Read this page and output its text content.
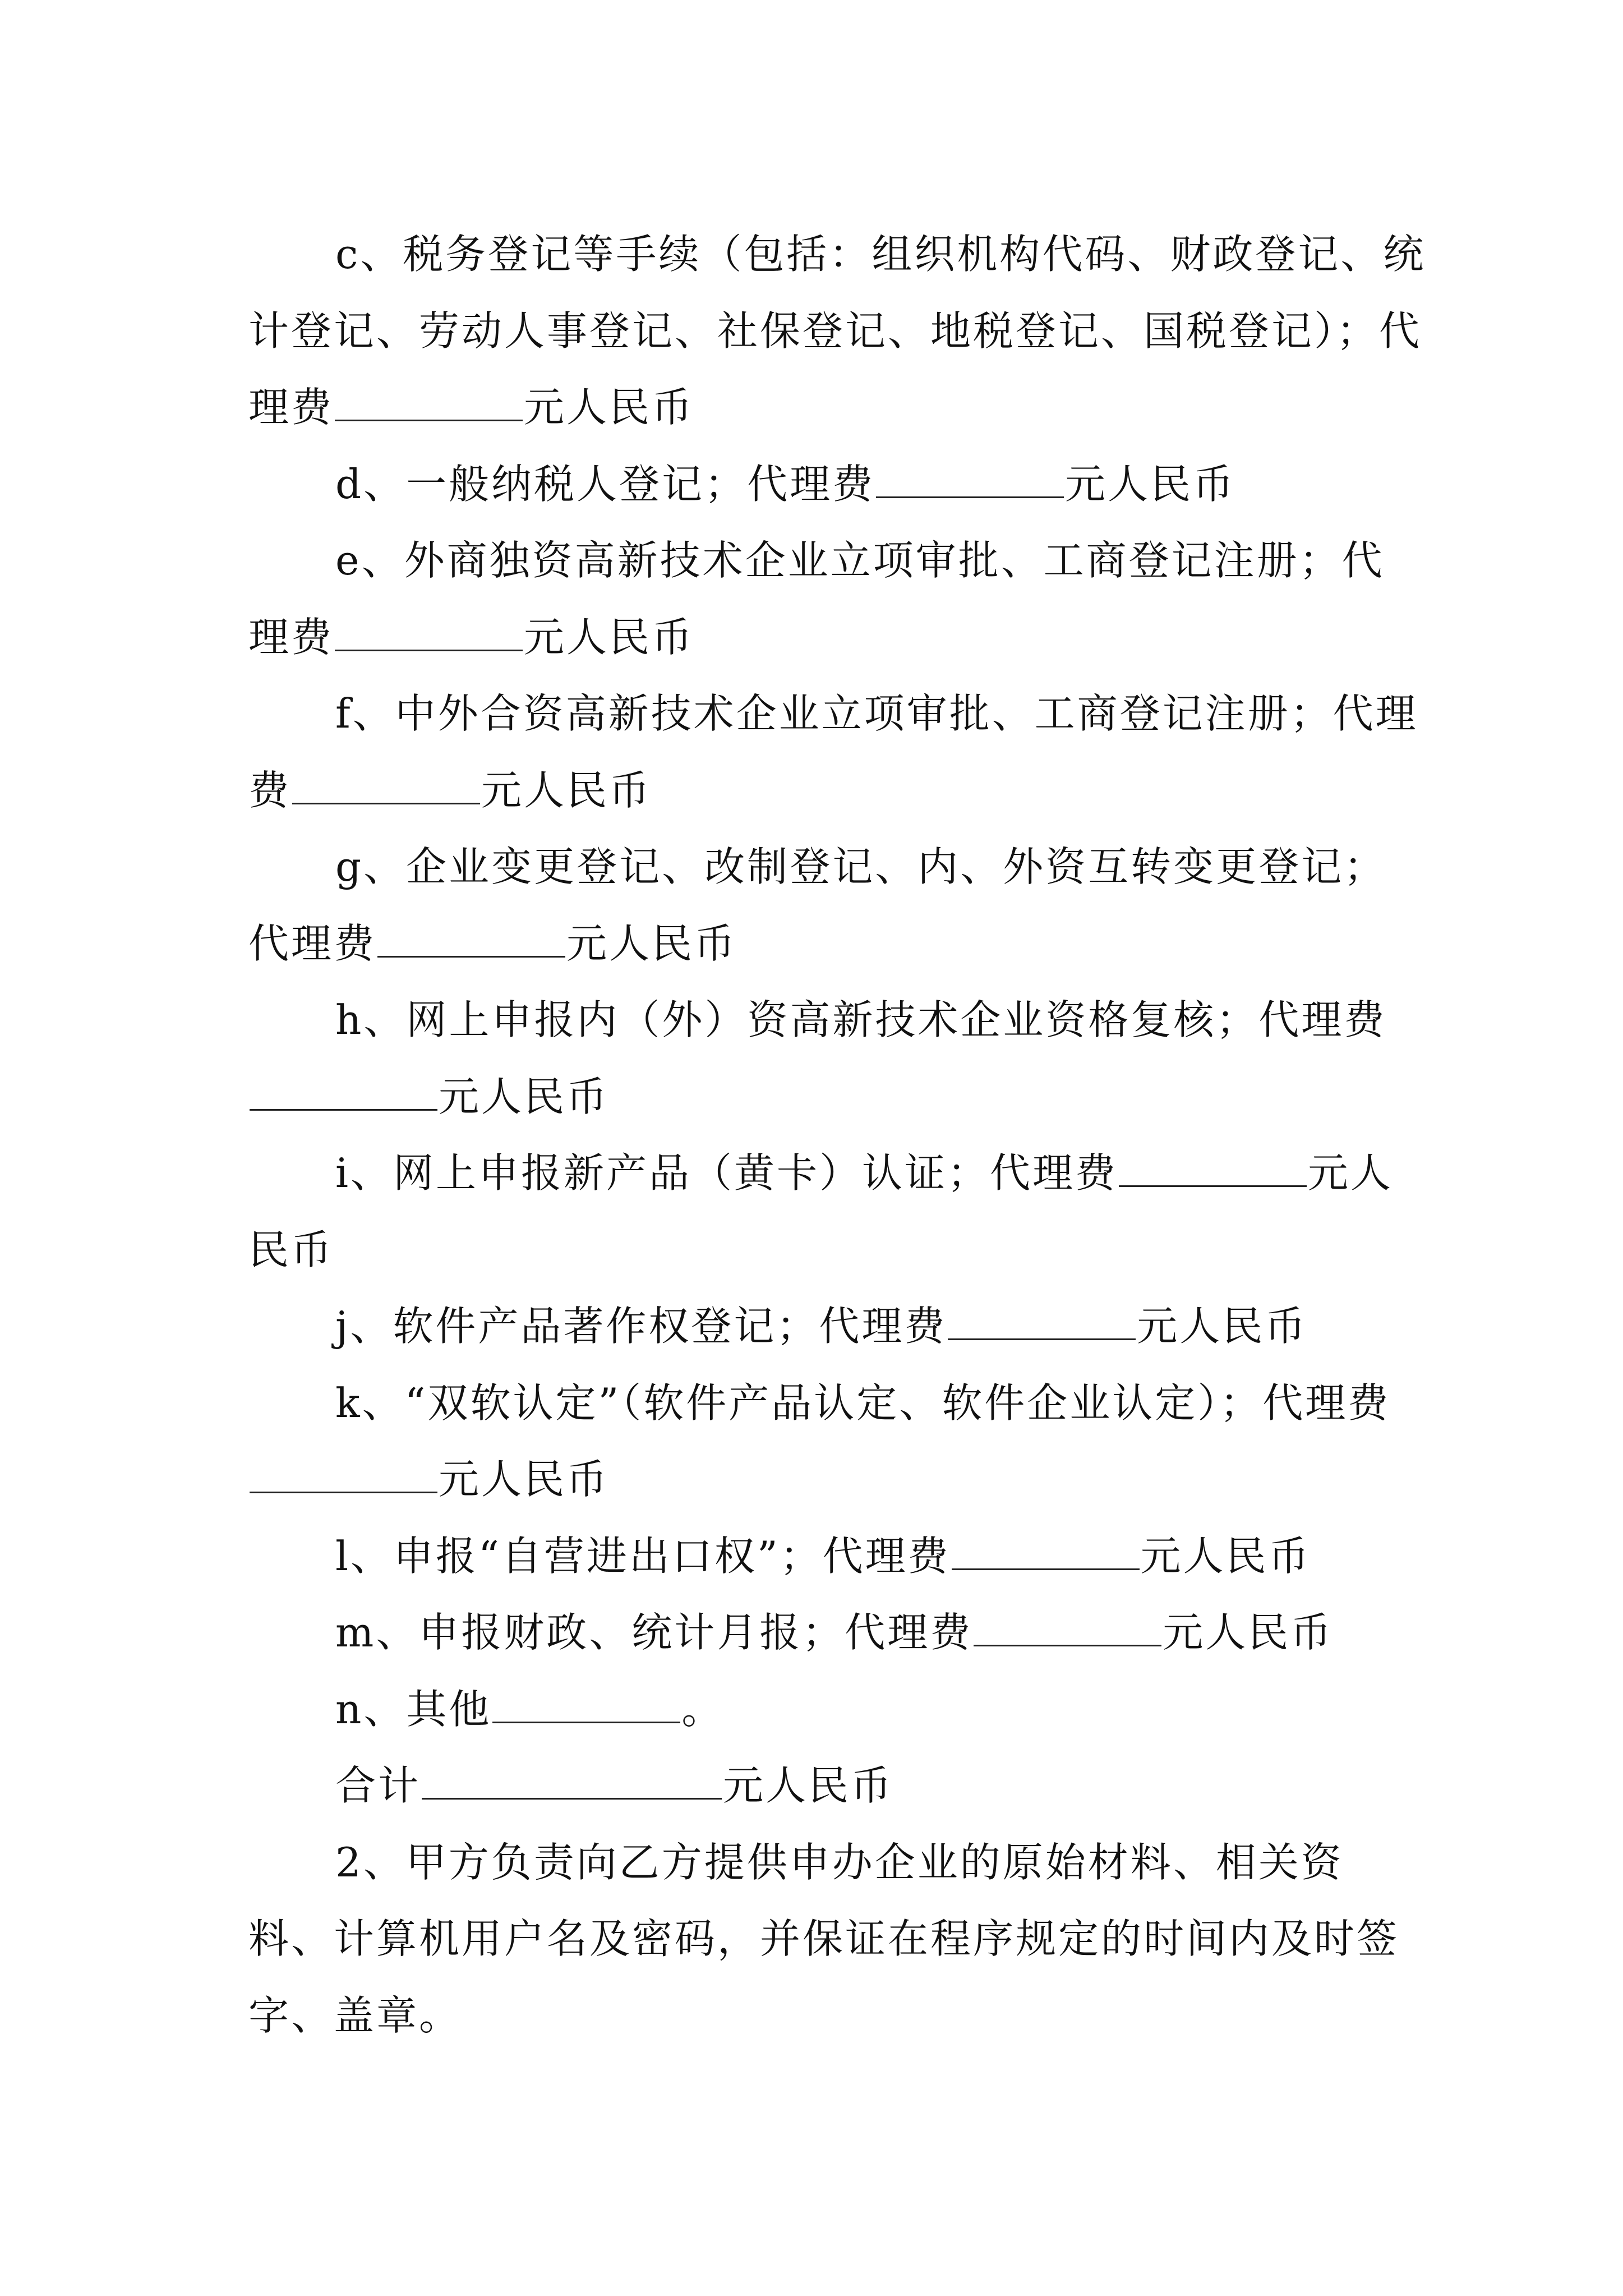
c、税务登记等手续（包括：组织机构代码、财政登记、统计登记、劳动人事登记、社保登记、地税登记、国税登记）；代理费	元人民币

d、一般纳税人登记；代理费	元人民币

e、外商独资高新技术企业立项审批、工商登记注册；代理费	元人民币

f、中外合资高新技术企业立项审批、工商登记注册；代理费	元人民币

g、企业变更登记、改制登记、内、外资互转变更登记；代理费	元人民币

h、网上申报内（外）资高新技术企业资格复核；代理费元人民币

i、网上申报新产品（黄卡）认证；代理费	元人民币

j、软件产品著作权登记；代理费	元人民币

k、“双软认定”（软件产品认定、软件企业认定）；代理费元人民币

l、申报“自营进出口权”；代理费	元人民币

m、申报财政、统计月报；代理费	元人民币

n、其他	。

合计	元人民币

2、甲方负责向乙方提供申办企业的原始材料、相关资料、计算机用户名及密码，并保证在程序规定的时间内及时签字、盖章。
